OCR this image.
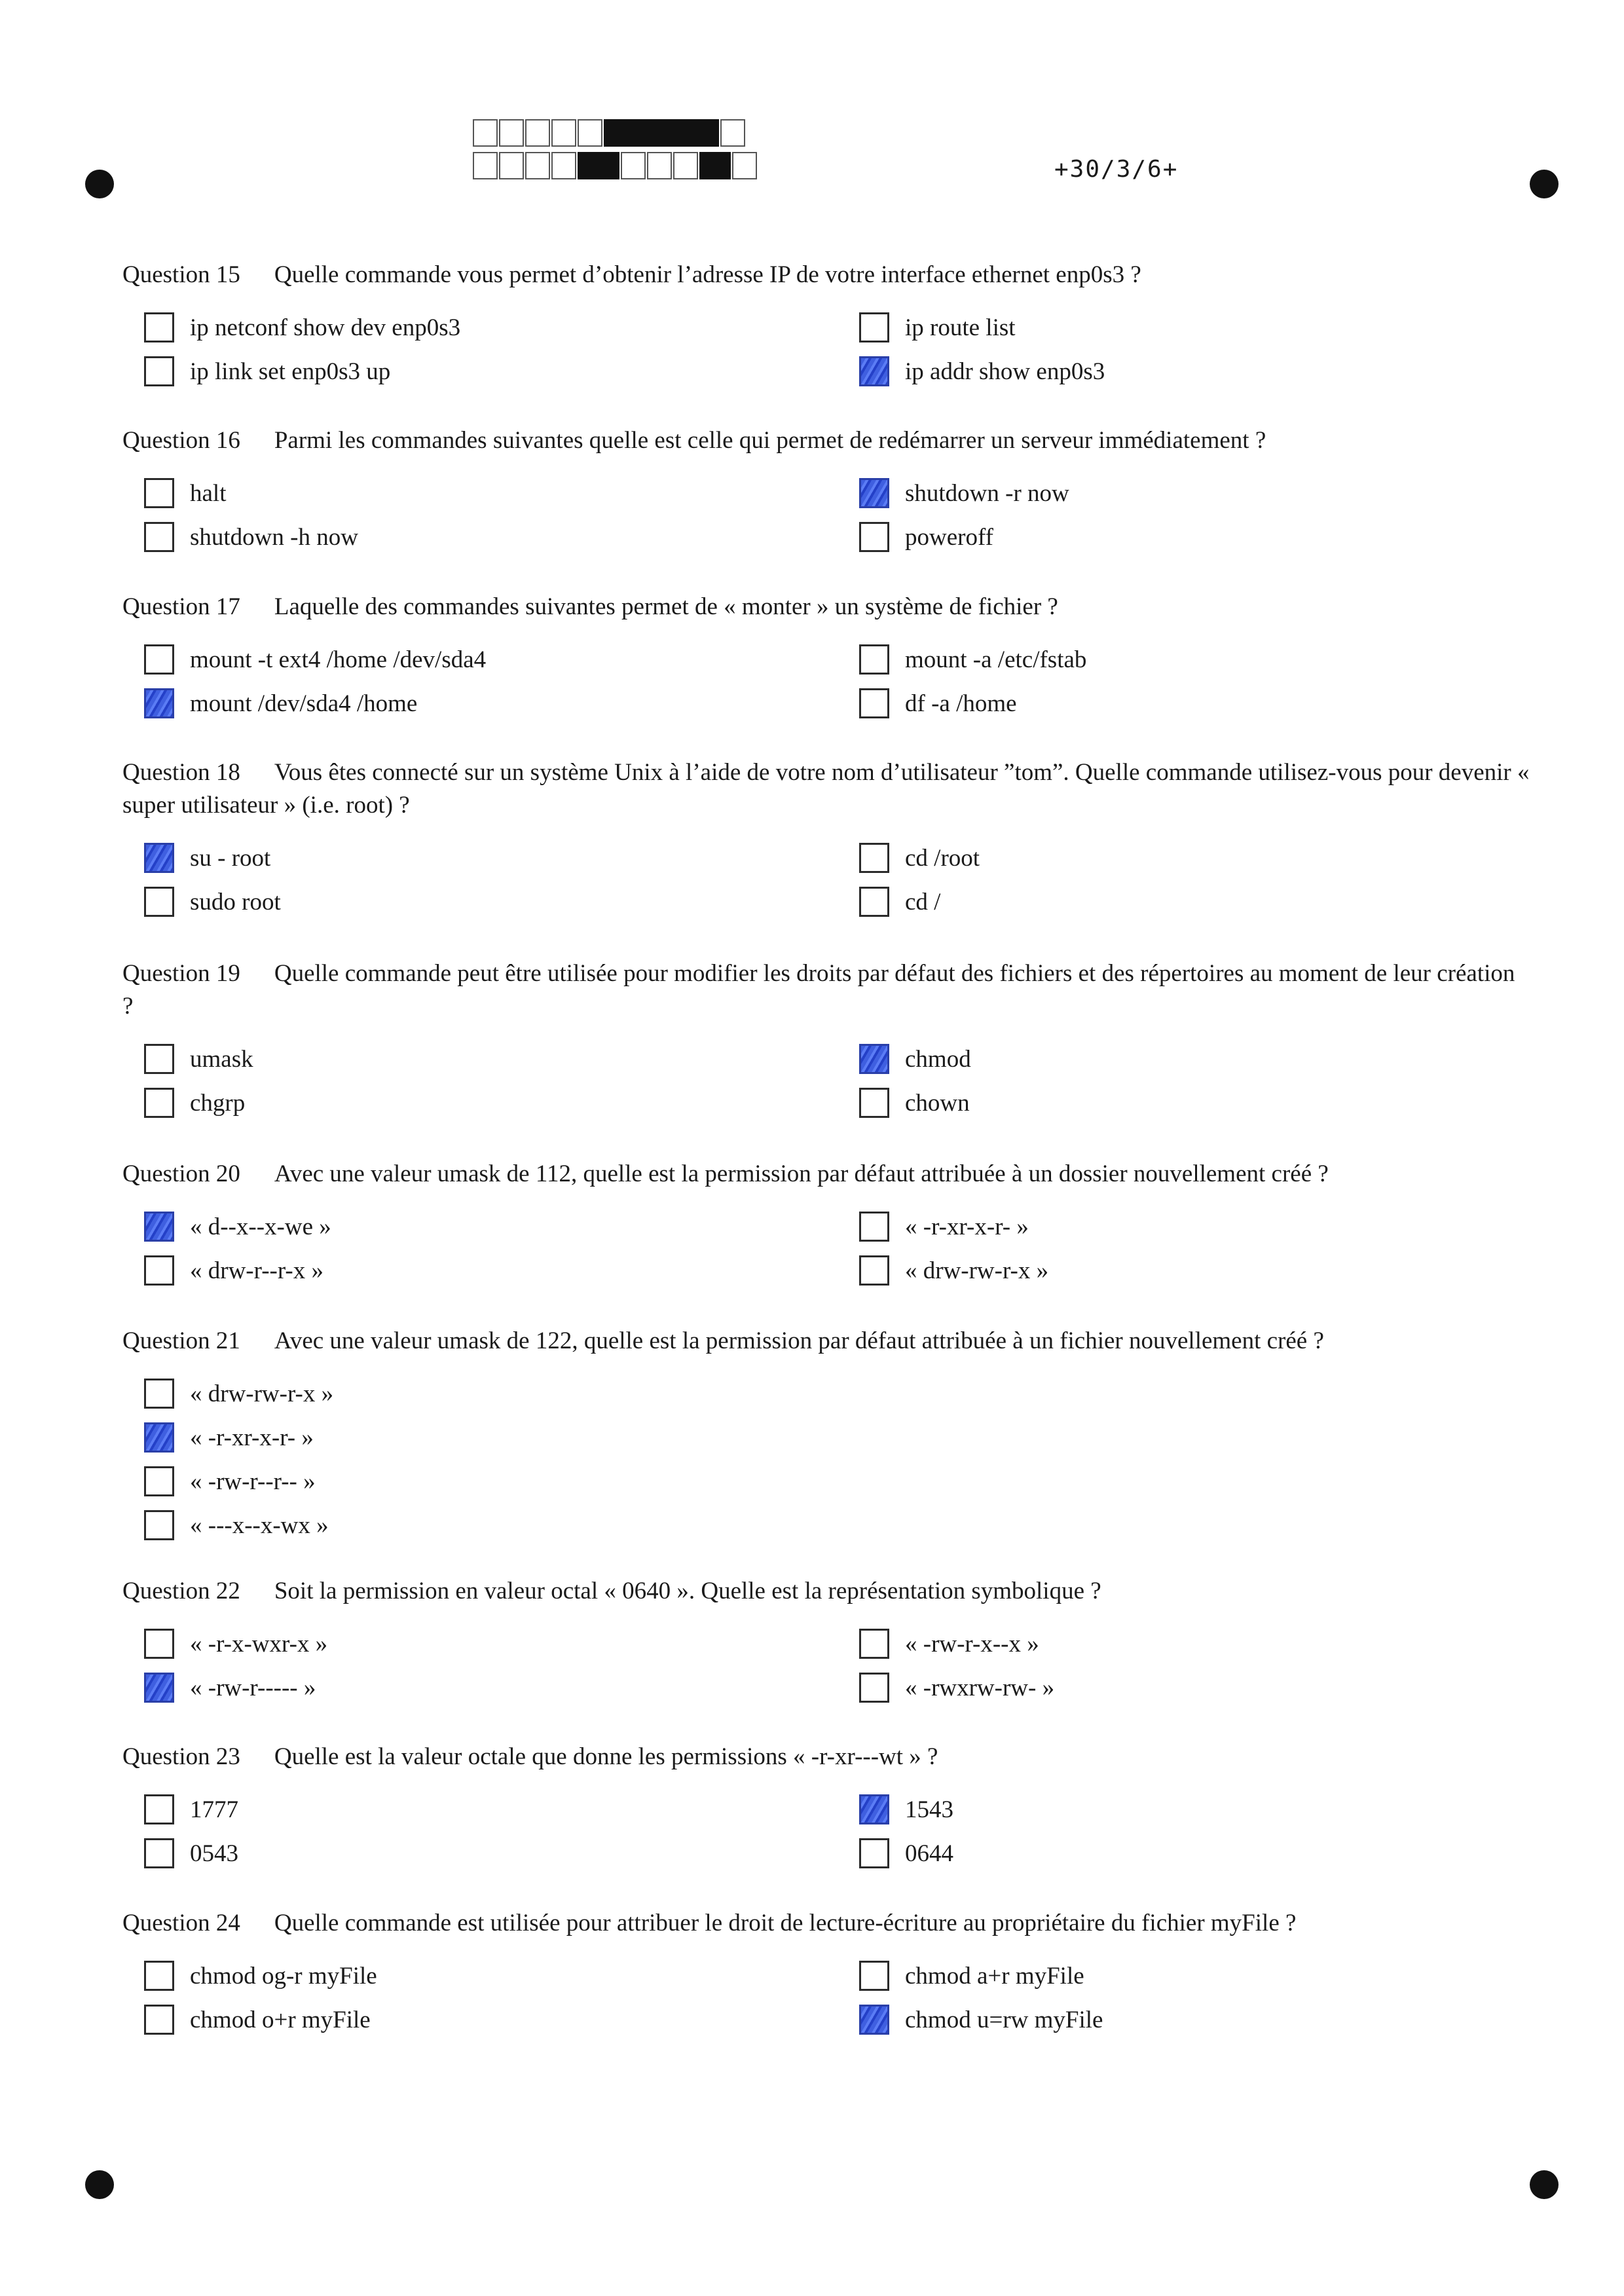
+30/3/6+
Question 15 Quelle commande vous permet d’obtenir l’adresse IP de votre interface ethernet enp0s3 ?
ip netconf show dev enp0s3
ip link set enp0s3 up
ip route list
ip addr show enp0s3
Question 16 Parmi les commandes suivantes quelle est celle qui permet de redémarrer un serveur immédiatement ?
halt
shutdown -h now
shutdown -r now
poweroff
Question 17 Laquelle des commandes suivantes permet de « monter » un système de fichier ?
mount -t ext4 /home /dev/sda4
mount /dev/sda4 /home
mount -a /etc/fstab
df -a /home
Question 18 Vous êtes connecté sur un système Unix à l’aide de votre nom d’utilisateur ”tom”. Quelle commande utilisez-vous pour devenir « super utilisateur » (i.e. root) ?
su - root
sudo root
cd /root
cd /
Question 19 Quelle commande peut être utilisée pour modifier les droits par défaut des fichiers et des répertoires au moment de leur création ?
umask
chgrp
chmod
chown
Question 20 Avec une valeur umask de 112, quelle est la permission par défaut attribuée à un dossier nouvellement créé ?
« d--x--x-we »
« drw-r--r-x »
« -r-xr-x-r- »
« drw-rw-r-x »
Question 21 Avec une valeur umask de 122, quelle est la permission par défaut attribuée à un fichier nouvellement créé ?
« drw-rw-r-x »
« -r-xr-x-r- »
« -rw-r--r-- »
« ---x--x-wx »
Question 22 Soit la permission en valeur octal « 0640 ». Quelle est la représentation symbolique ?
« -r-x-wxr-x »
« -rw-r----- »
« -rw-r-x--x »
« -rwxrw-rw- »
Question 23 Quelle est la valeur octale que donne les permissions « -r-xr---wt » ?
1777
0543
1543
0644
Question 24 Quelle commande est utilisée pour attribuer le droit de lecture-écriture au propriétaire du fichier myFile ?
chmod og-r myFile
chmod o+r myFile
chmod a+r myFile
chmod u=rw myFile
